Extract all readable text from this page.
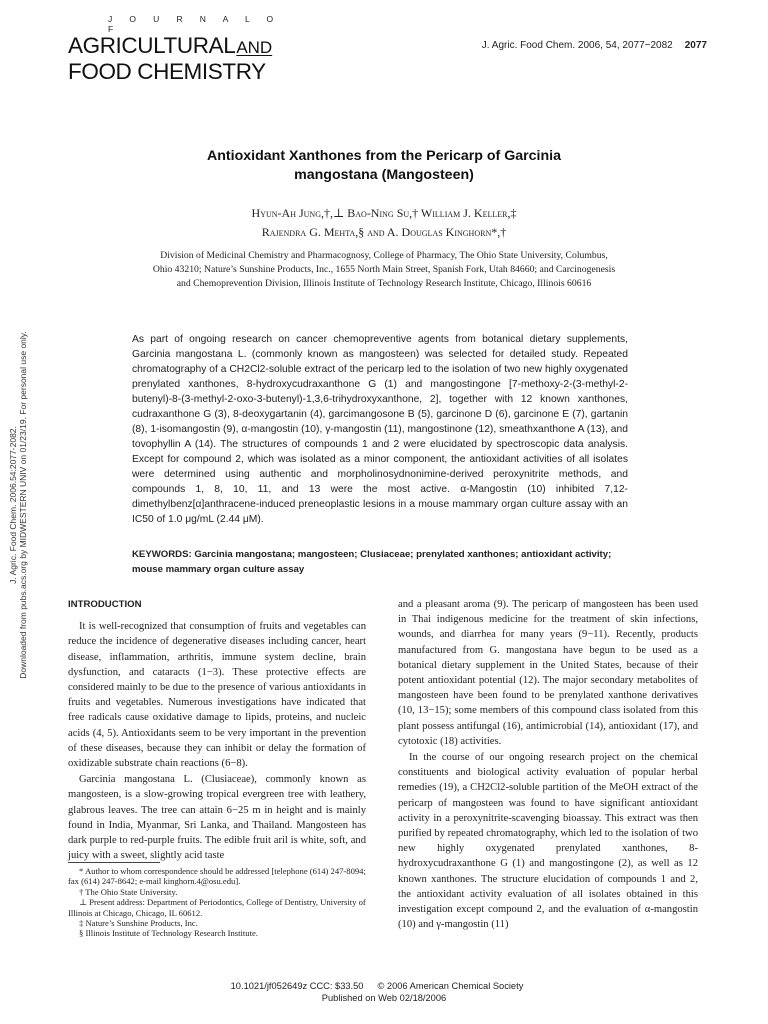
J O U R N A L O F
AGRICULTURALAND
FOOD CHEMISTRY
J. Agric. Food Chem. 2006, 54, 2077−2082 2077
Antioxidant Xanthones from the Pericarp of Garcinia
mangostana (Mangosteen)
Hyun-Ah Jung,†,⊥ Bao-Ning Su,† William J. Keller,‡
Rajendra G. Mehta,§ and A. Douglas Kinghorn*,†
Division of Medicinal Chemistry and Pharmacognosy, College of Pharmacy, The Ohio State University, Columbus, Ohio 43210; Nature’s Sunshine Products, Inc., 1655 North Main Street, Spanish Fork, Utah 84660; and Carcinogenesis and Chemoprevention Division, Illinois Institute of Technology Research Institute, Chicago, Illinois 60616
As part of ongoing research on cancer chemopreventive agents from botanical dietary supplements, Garcinia mangostana L. (commonly known as mangosteen) was selected for detailed study. Repeated chromatography of a CH2Cl2-soluble extract of the pericarp led to the isolation of two new highly oxygenated prenylated xanthones, 8-hydroxycudraxanthone G (1) and mangostingone [7-methoxy-2-(3-methyl-2-butenyl)-8-(3-methyl-2-oxo-3-butenyl)-1,3,6-trihydroxyxanthone, 2], together with 12 known xanthones, cudraxanthone G (3), 8-deoxygartanin (4), garcimangosone B (5), garcinone D (6), garcinone E (7), gartanin (8), 1-isomangostin (9), α-mangostin (10), γ-mangostin (11), mangostinone (12), smeathxanthone A (13), and tovophyllin A (14). The structures of compounds 1 and 2 were elucidated by spectroscopic data analysis. Except for compound 2, which was isolated as a minor component, the antioxidant activities of all isolates were determined using authentic and morpholinosydnonimine-derived peroxynitrite methods, and compounds 1, 8, 10, 11, and 13 were the most active. α-Mangostin (10) inhibited 7,12-dimethylbenz[α]anthracene-induced preneoplastic lesions in a mouse mammary organ culture assay with an IC50 of 1.0 μg/mL (2.44 μM).
KEYWORDS: Garcinia mangostana; mangosteen; Clusiaceae; prenylated xanthones; antioxidant activity; mouse mammary organ culture assay
J. Agric. Food Chem. 2006.54:2077-2082. Downloaded from pubs.acs.org by MIDWESTERN UNIV on 01/23/19. For personal use only.	INTRODUCTION

It is well-recognized that consumption of fruits and vegetables can reduce the incidence of degenerative diseases including cancer, heart disease, inflammation, arthritis, immune system decline, brain dysfunction, and cataracts (1−3). These protective effects are considered mainly to be due to the presence of various antioxidants in fruits and vegetables. Numerous investigations have indicated that free radicals cause oxidative damage to lipids, proteins, and nucleic acids (4, 5). Antioxidants seem to be very important in the prevention of these diseases, because they can inhibit or delay the formation of oxidizable substrate chain reactions (6−8).

Garcinia mangostana L. (Clusiaceae), commonly known as mangosteen, is a slow-growing tropical evergreen tree with leathery, glabrous leaves. The tree can attain 6−25 m in height and is mainly found in India, Myanmar, Sri Lanka, and Thailand. Mangosteen has dark purple to red-purple fruits. The edible fruit aril is white, soft, and juicy with a sweet, slightly acid taste

and a pleasant aroma (9). The pericarp of mangosteen has been used in Thai indigenous medicine for the treatment of skin infections, wounds, and diarrhea for many years (9−11). Recently, products manufactured from G. mangostana have begun to be used as a botanical dietary supplement in the United States, because of their potent antioxidant potential (12). The major secondary metabolites of mangosteen have been found to be prenylated xanthone derivatives (10, 13−15); some members of this compound class isolated from this plant possess antifungal (16), antimicrobial (14), antioxidant (17), and cytotoxic (18) activities.

In the course of our ongoing research project on the chemical constituents and biological activity evaluation of popular herbal remedies (19), a CH2Cl2-soluble partition of the MeOH extract of the pericarp of mangosteen was found to have significant antioxidant activity in a peroxynitrite-scavenging bioassay. This extract was then purified by repeated chromatography, which led to the isolation of two new highly oxygenated prenylated xanthones, 8-hydroxycudraxanthone G (1) and mangostingone (2), as well as 12 known xanthones. The structure elucidation of compounds 1 and 2, the antioxidant activity evaluation of all isolates obtained in this investigation except compound 2, and the evaluation of α-mangostin (10) and γ-mangostin (11)

* Author to whom correspondence should be addressed [telephone (614) 247-8094; fax (614) 247-8642; e-mail kinghorn.4@osu.edu].
† The Ohio State University.
⊥ Present address: Department of Periodontics, College of Dentistry, University of Illinois at Chicago, Chicago, IL 60612.
‡ Nature’s Sunshine Products, Inc.
§ Illinois Institute of Technology Research Institute.
10.1021/jf052649z CCC: $33.50 © 2006 American Chemical Society
Published on Web 02/18/2006
